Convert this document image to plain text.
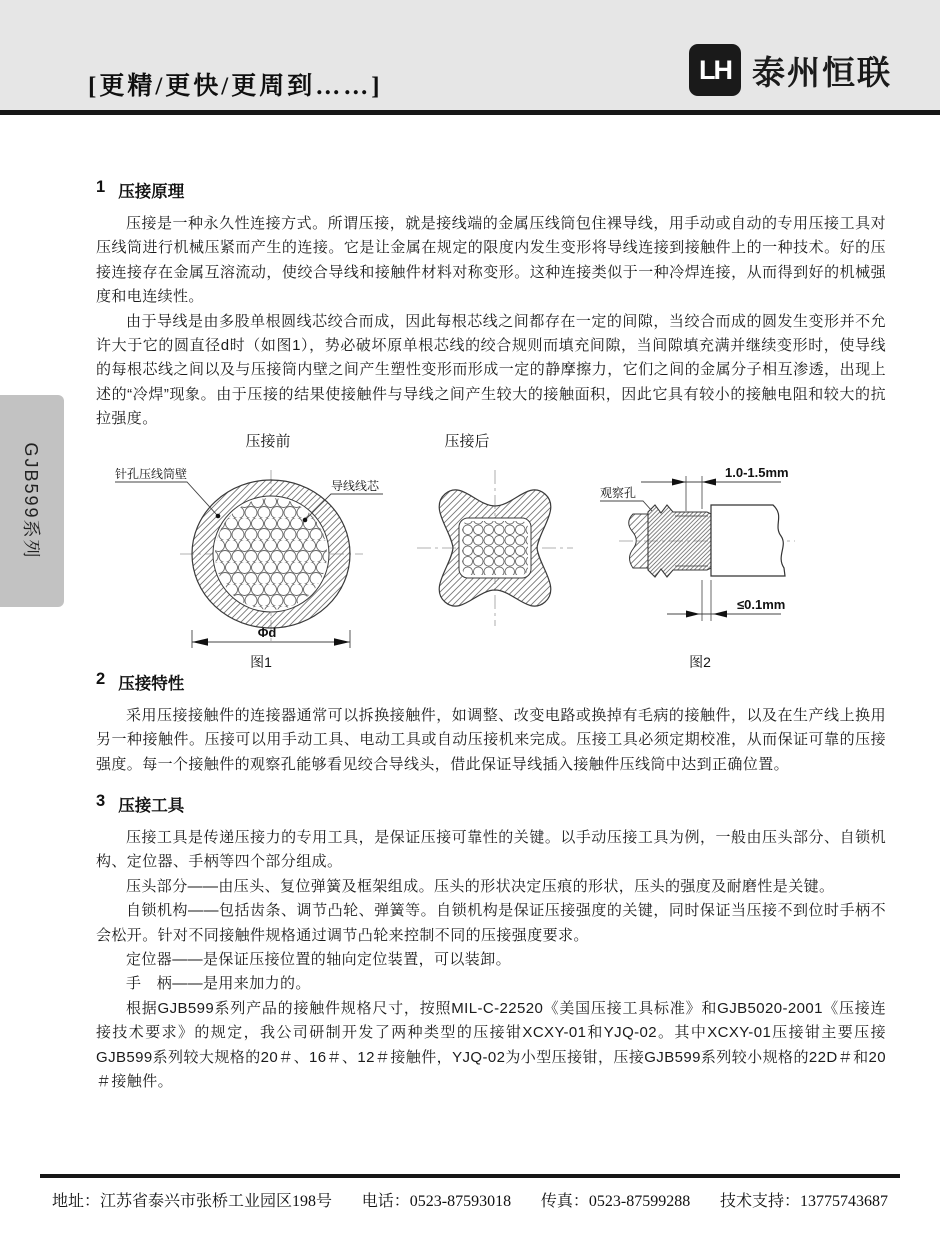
[更精/更快/更周到……]
LH 泰州恒联
GJB599系列
1 压接原理

压接是一种永久性连接方式。所谓压接，就是接线端的金属压线筒包住裸导线，用手动或自动的专用压接工具对压线筒进行机械压紧而产生的连接。它是让金属在规定的限度内发生变形将导线连接到接触件上的一种技术。好的压接连接存在金属互溶流动，使绞合导线和接触件材料对称变形。这种连接类似于一种冷焊连接，从而得到好的机械强度和电连续性。

由于导线是由多股单根圆线芯绞合而成，因此每根芯线之间都存在一定的间隙，当绞合而成的圆发生变形并不允许大于它的圆直径d时（如图1），势必破坏原单根芯线的绞合规则而填充间隙，当间隙填充满并继续变形时，使导线的每根芯线之间以及与压接筒内壁之间产生塑性变形而形成一定的静摩擦力，它们之间的金属分子相互渗透，出现上述的“冷焊”现象。由于压接的结果使接触件与导线之间产生较大的接触面积，因此它具有较小的接触电阻和较大的抗拉强度。

压接前
针孔压线筒壁
导线线芯
Φd
图1
压接后
观察孔
1.0-1.5mm
≤0.1mm
图2
2 压接特性

采用压接接触件的连接器通常可以拆换接触件，如调整、改变电路或换掉有毛病的接触件，以及在生产线上换用另一种接触件。压接可以用手动工具、电动工具或自动压接机来完成。压接工具必须定期校准，从而保证可靠的压接强度。每一个接触件的观察孔能够看见绞合导线头，借此保证导线插入接触件压线筒中达到正确位置。

3 压接工具

压接工具是传递压接力的专用工具，是保证压接可靠性的关键。以手动压接工具为例，一般由压头部分、自锁机构、定位器、手柄等四个部分组成。

压头部分——由压头、复位弹簧及框架组成。压头的形状决定压痕的形状，压头的强度及耐磨性是关键。

自锁机构——包括齿条、调节凸轮、弹簧等。自锁机构是保证压接强度的关键，同时保证当压接不到位时手柄不会松开。针对不同接触件规格通过调节凸轮来控制不同的压接强度要求。

定位器——是保证压接位置的轴向定位装置，可以装卸。

手　柄——是用来加力的。

根据GJB599系列产品的接触件规格尺寸，按照MIL-C-22520《美国压接工具标准》和GJB5020-2001《压接连接技术要求》的规定，我公司研制开发了两种类型的压接钳XCXY-01和YJQ-02。其中XCXY-01压接钳主要压接GJB599系列较大规格的20＃、16＃、12＃接触件，YJQ-02为小型压接钳，压接GJB599系列较小规格的22D＃和20＃接触件。

地址：江苏省泰兴市张桥工业园区198号 电话：0523-87593018 传真：0523-87599288 技术支持：13775743687
